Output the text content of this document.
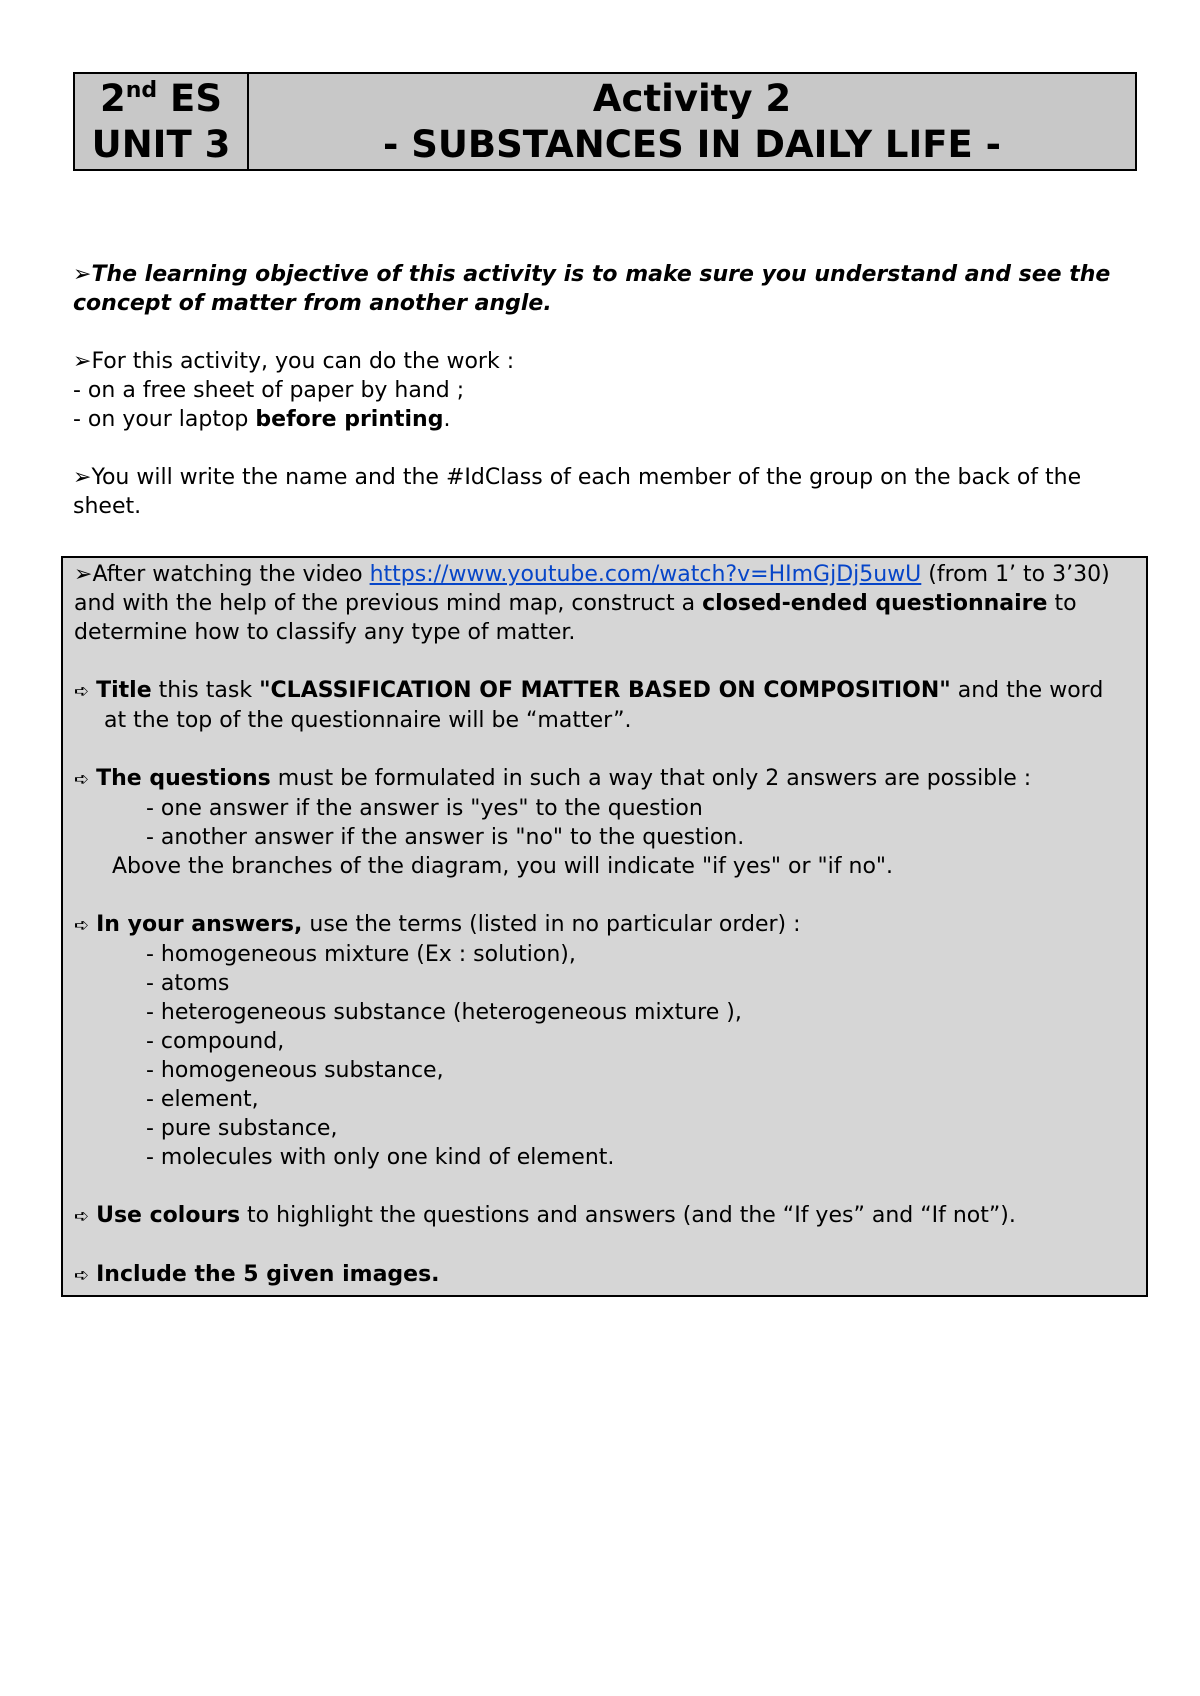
2nd ES
UNIT 3
Activity 2
- SUBSTANCES IN DAILY LIFE -

➢The learning objective of this activity is to make sure you understand and see the concept of matter from another angle.

➢For this activity, you can do the work :

- on a free sheet of paper by hand ;

- on your laptop before printing.

➢You will write the name and the #IdClass of each member of the group on the back of the sheet.

➢After watching the video https://www.youtube.com/watch?v=HImGjDj5uwU (from 1’ to 3’30)

and with the help of the previous mind map, construct a closed-ended questionnaire to

determine how to classify any type of matter.

➪ Title this task "CLASSIFICATION OF MATTER BASED ON COMPOSITION" and the word

at the top of the questionnaire will be “matter”.

➪ The questions must be formulated in such a way that only 2 answers are possible :

- one answer if the answer is "yes" to the question

- another answer if the answer is "no" to the question.

Above the branches of the diagram, you will indicate "if yes" or "if no".

➪ In your answers, use the terms (listed in no particular order) :

- homogeneous mixture (Ex : solution),

- atoms

- heterogeneous substance (heterogeneous mixture ),

- compound,

- homogeneous substance,

- element,

- pure substance,

- molecules with only one kind of element.

➪ Use colours to highlight the questions and answers (and the “If yes” and “If not”).

➪ Include the 5 given images.
